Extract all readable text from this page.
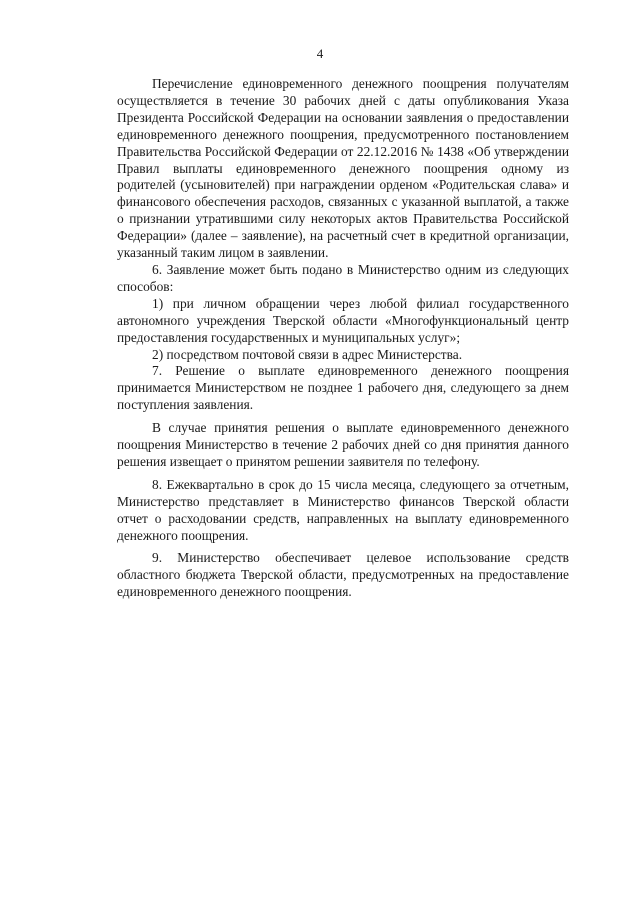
4

Перечисление единовременного денежного поощрения получателям осуществляется в течение 30 рабочих дней с даты опубликования Указа Президента Российской Федерации на основании заявления о предоставлении единовременного денежного поощрения, предусмотренного постановлением Правительства Российской Федерации от 22.12.2016 № 1438 «Об утверждении Правил выплаты единовременного денежного поощрения одному из родителей (усыновителей) при награждении орденом «Родительская слава» и финансового обеспечения расходов, связанных с указанной выплатой, а также о признании утратившими силу некоторых актов Правительства Российской Федерации» (далее – заявление), на расчетный счет в кредитной организации, указанный таким лицом в заявлении.

6. Заявление может быть подано в Министерство одним из следующих способов:

1) при личном обращении через любой филиал государственного автономного учреждения Тверской области «Многофункциональный центр предоставления государственных и муниципальных услуг»;

2) посредством почтовой связи в адрес Министерства.

7. Решение о выплате единовременного денежного поощрения принимается Министерством не позднее 1 рабочего дня, следующего за днем поступления заявления.

В случае принятия решения о выплате единовременного денежного поощрения Министерство в течение 2 рабочих дней со дня принятия данного решения извещает о принятом решении заявителя по телефону.

8. Ежеквартально в срок до 15 числа месяца, следующего за отчетным, Министерство представляет в Министерство финансов Тверской области отчет о расходовании средств, направленных на выплату единовременного денежного поощрения.

9. Министерство обеспечивает целевое использование средств областного бюджета Тверской области, предусмотренных на предоставление единовременного денежного поощрения.
